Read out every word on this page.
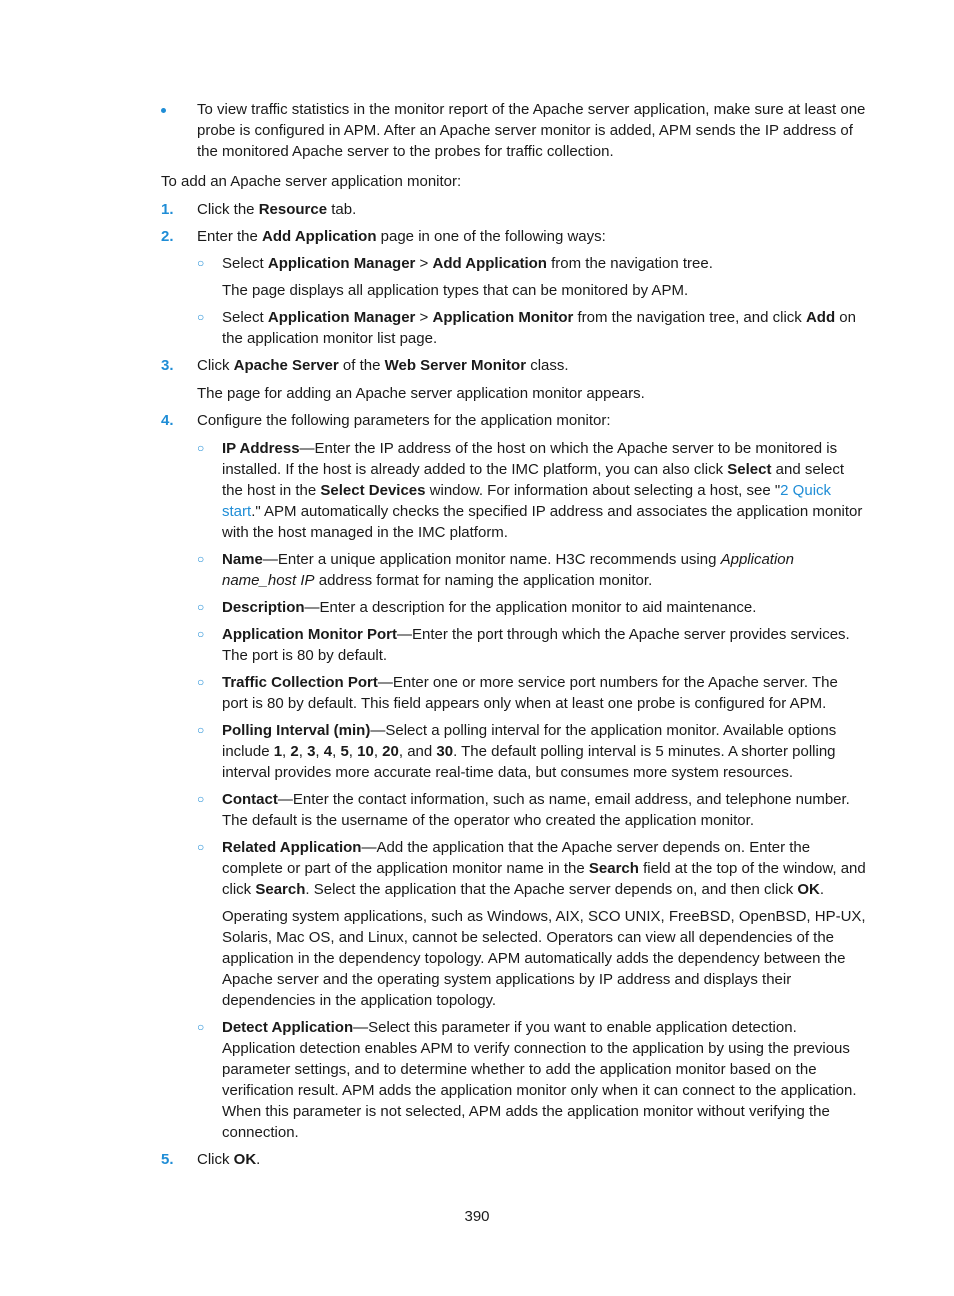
To view traffic statistics in the monitor report of the Apache server application, make sure at least one probe is configured in APM. After an Apache server monitor is added, APM sends the IP address of the monitored Apache server to the probes for traffic collection.

To add an Apache server application monitor:

1. Click the Resource tab.

2. Enter the Add Application page in one of the following ways:

○ Select Application Manager > Add Application from the navigation tree.

The page displays all application types that can be monitored by APM.

○ Select Application Manager > Application Monitor from the navigation tree, and click Add on the application monitor list page.

3. Click Apache Server of the Web Server Monitor class.

The page for adding an Apache server application monitor appears.

4. Configure the following parameters for the application monitor:

○ IP Address—Enter the IP address of the host on which the Apache server to be monitored is installed. If the host is already added to the IMC platform, you can also click Select and select the host in the Select Devices window. For information about selecting a host, see "2 Quick start." APM automatically checks the specified IP address and associates the application monitor with the host managed in the IMC platform.

○ Name—Enter a unique application monitor name. H3C recommends using Application name_host IP address format for naming the application monitor.

○ Description—Enter a description for the application monitor to aid maintenance.

○ Application Monitor Port—Enter the port through which the Apache server provides services. The port is 80 by default.

○ Traffic Collection Port—Enter one or more service port numbers for the Apache server. The port is 80 by default. This field appears only when at least one probe is configured for APM.

○ Polling Interval (min)—Select a polling interval for the application monitor. Available options include 1, 2, 3, 4, 5, 10, 20, and 30. The default polling interval is 5 minutes. A shorter polling interval provides more accurate real-time data, but consumes more system resources.

○ Contact—Enter the contact information, such as name, email address, and telephone number. The default is the username of the operator who created the application monitor.

○ Related Application—Add the application that the Apache server depends on. Enter the complete or part of the application monitor name in the Search field at the top of the window, and click Search. Select the application that the Apache server depends on, and then click OK.

Operating system applications, such as Windows, AIX, SCO UNIX, FreeBSD, OpenBSD, HP-UX, Solaris, Mac OS, and Linux, cannot be selected. Operators can view all dependencies of the application in the dependency topology. APM automatically adds the dependency between the Apache server and the operating system applications by IP address and displays their dependencies in the application topology.

○ Detect Application—Select this parameter if you want to enable application detection. Application detection enables APM to verify connection to the application by using the previous parameter settings, and to determine whether to add the application monitor based on the verification result. APM adds the application monitor only when it can connect to the application. When this parameter is not selected, APM adds the application monitor without verifying the connection.

5. Click OK.

390
